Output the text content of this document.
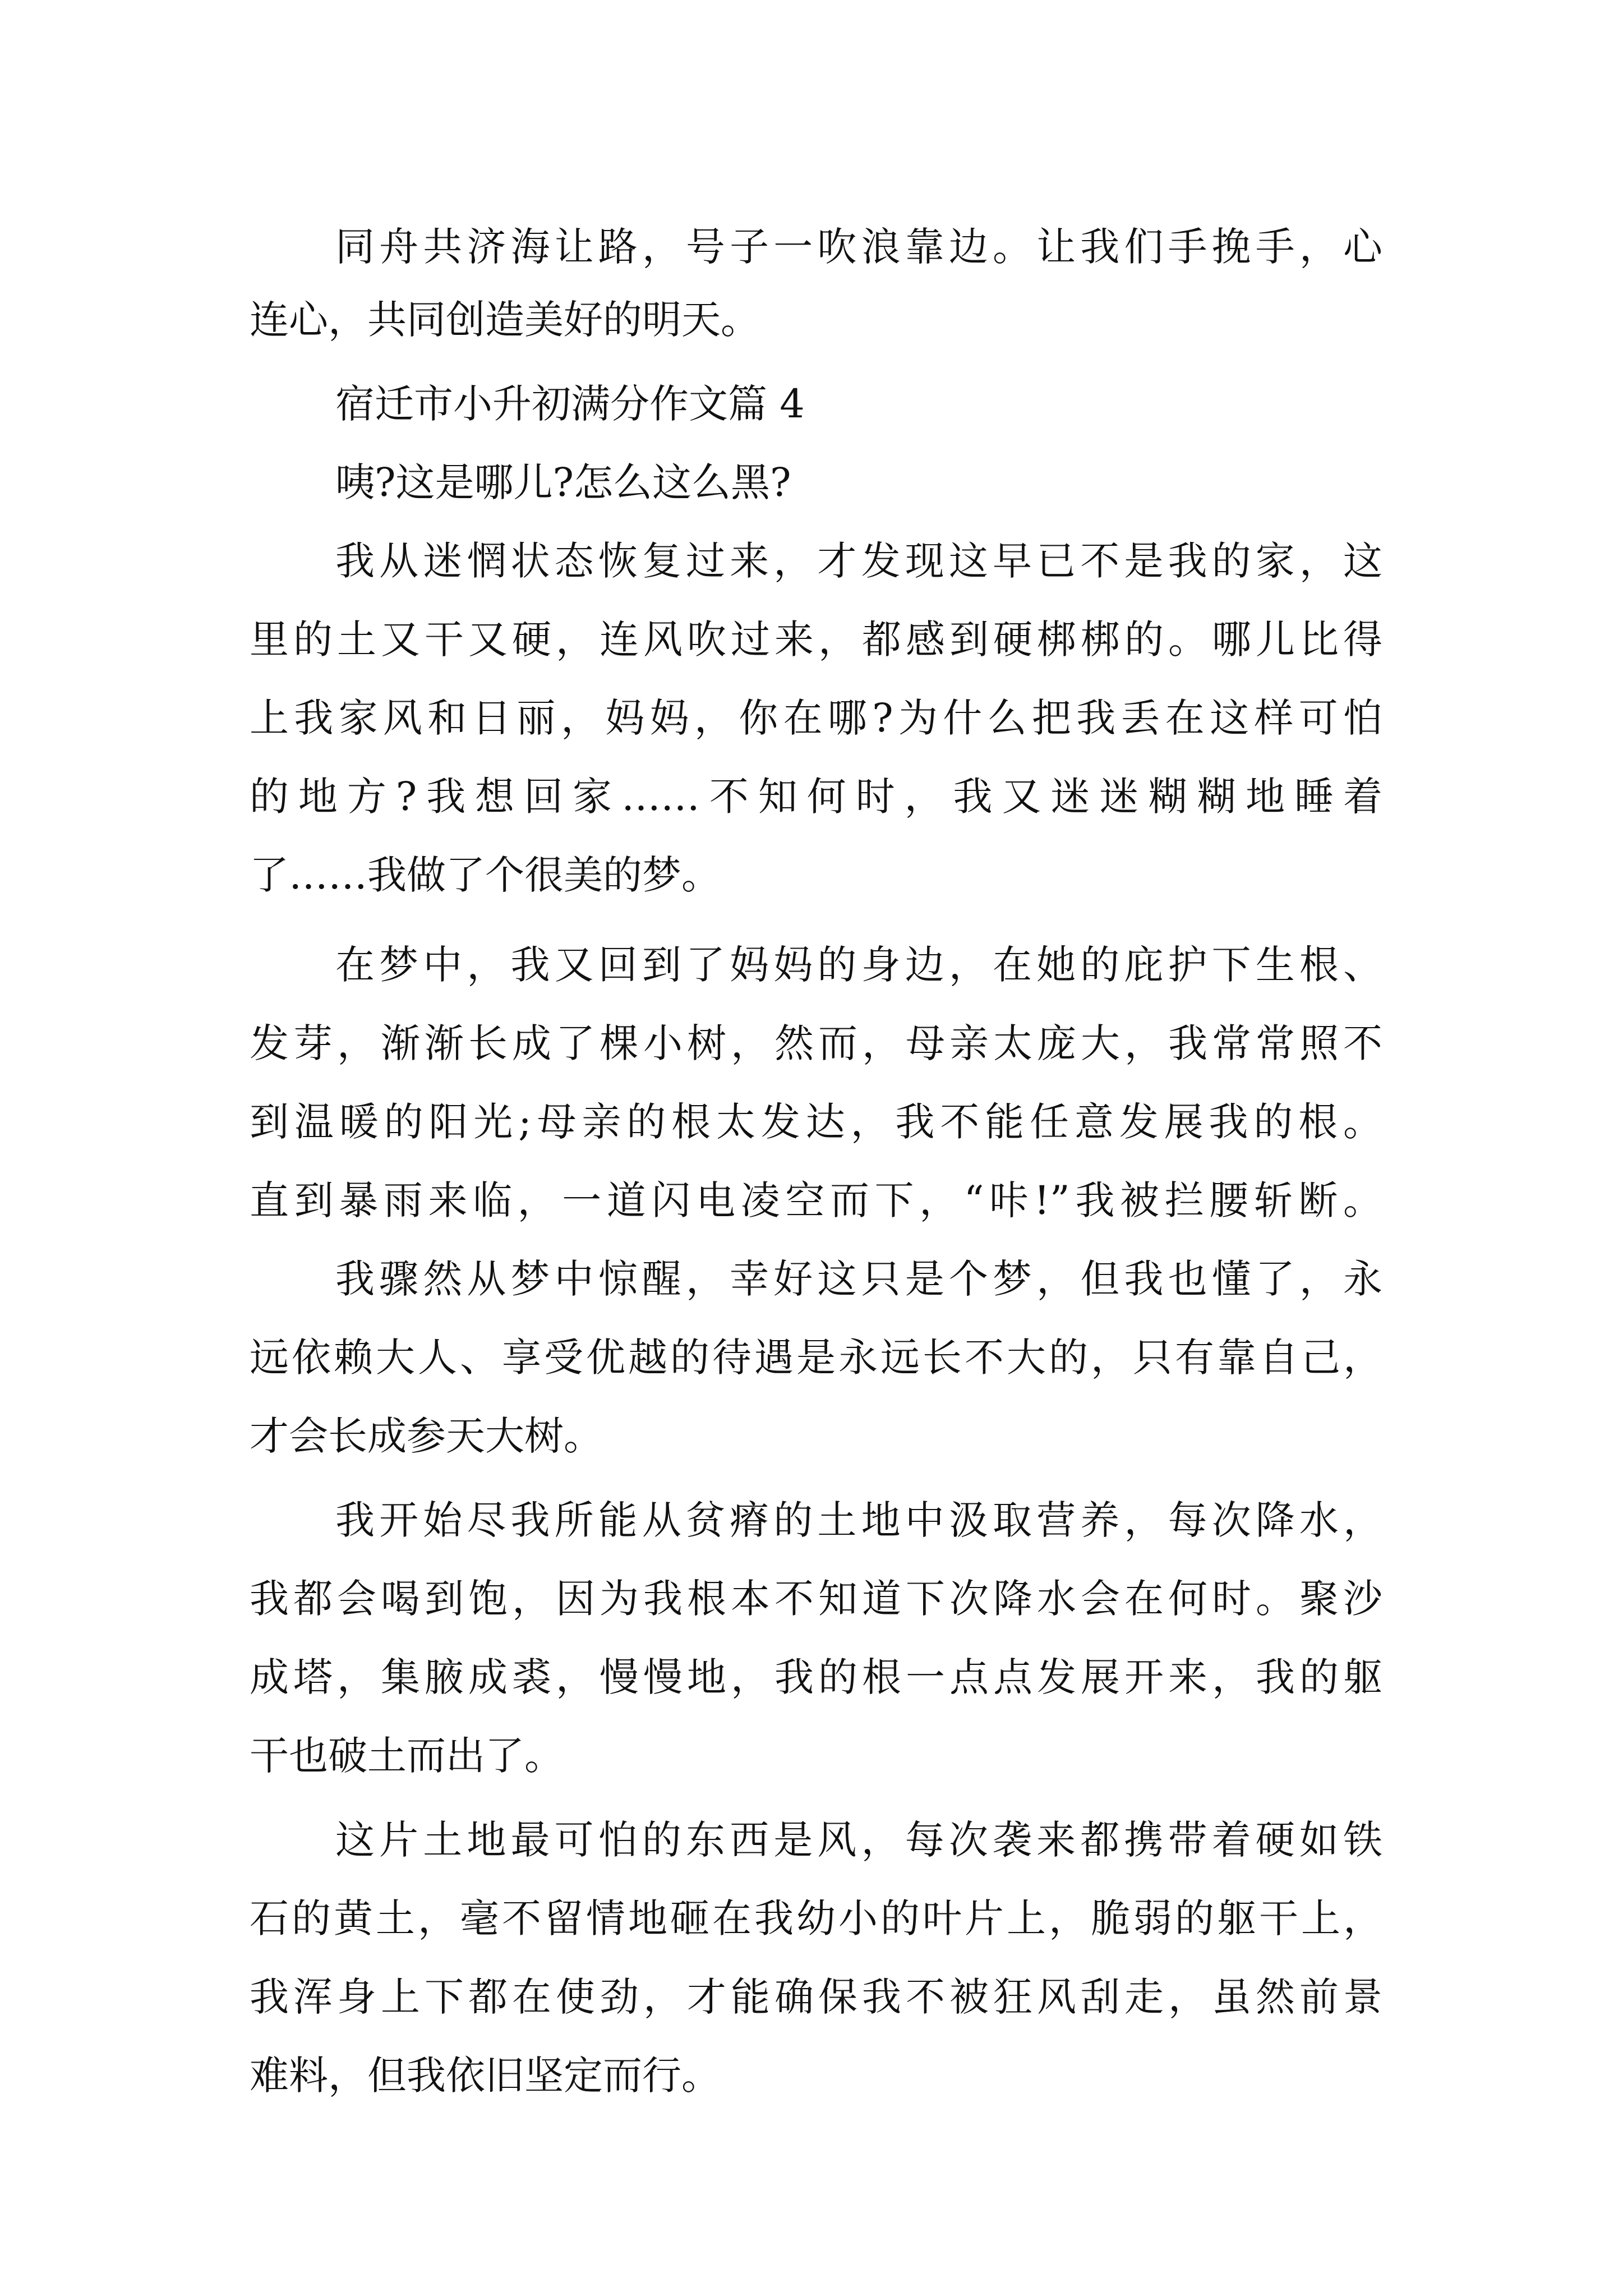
同舟共济海让路，号子一吹浪靠边。让我们手挽手，心
连心，共同创造美好的明天。
宿迁市小升初满分作文篇 4
咦?这是哪儿?怎么这么黑?
我从迷惘状态恢复过来，才发现这早已不是我的家，这
里的土又干又硬，连风吹过来，都感到硬梆梆的。哪儿比得
上我家风和日丽，妈妈，你在哪?为什么把我丢在这样可怕
的地方?我想回家……不知何时，我又迷迷糊糊地睡着
了……我做了个很美的梦。
在梦中，我又回到了妈妈的身边，在她的庇护下生根、
发芽，渐渐长成了棵小树，然而，母亲太庞大，我常常照不
到温暖的阳光;母亲的根太发达，我不能任意发展我的根。
直到暴雨来临，一道闪电凌空而下，“咔!”我被拦腰斩断。
我骤然从梦中惊醒，幸好这只是个梦，但我也懂了，永
远依赖大人、享受优越的待遇是永远长不大的，只有靠自己，
才会长成参天大树。
我开始尽我所能从贫瘠的土地中汲取营养，每次降水，
我都会喝到饱，因为我根本不知道下次降水会在何时。聚沙
成塔，集腋成裘，慢慢地，我的根一点点发展开来，我的躯
干也破土而出了。
这片土地最可怕的东西是风，每次袭来都携带着硬如铁
石的黄土，毫不留情地砸在我幼小的叶片上，脆弱的躯干上，
我浑身上下都在使劲，才能确保我不被狂风刮走，虽然前景
难料，但我依旧坚定而行。
